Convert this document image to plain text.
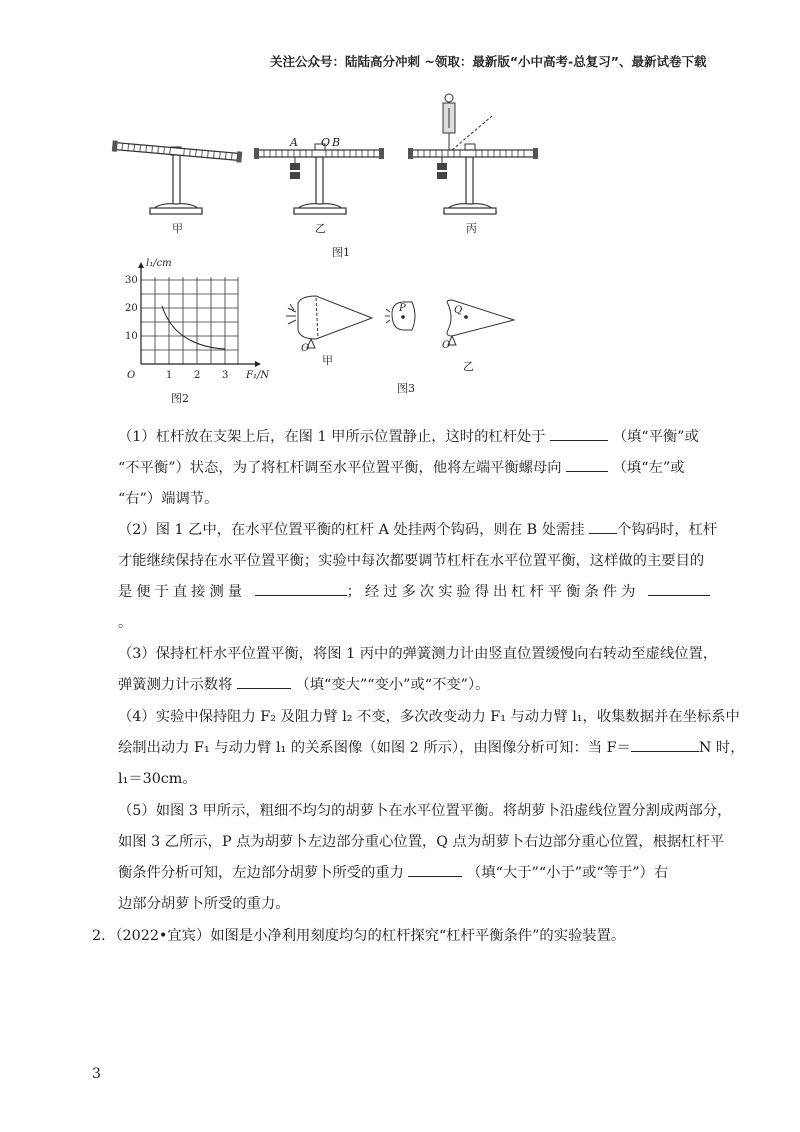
关注公众号：陆陆高分冲刺 ~领取：最新版“小中高考-总复习”、最新试卷下载
A O B
甲	乙	丙
图1
l₁/cm
F₁/N
O
10
20
30
1 2 3
图2
O
甲
P	Q
O
乙
图3
（1）杠杆放在支架上后，在图 1 甲所示位置静止，这时的杠杆处于	（填“平衡”或
“不平衡”）状态，为了将杠杆调至水平位置平衡，他将左端平衡螺母向	（填“左”或
“右”）端调节。
（2）图 1 乙中，在水平位置平衡的杠杆 A 处挂两个钩码，则在 B 处需挂 个钩码时，杠杆
才能继续保持在水平位置平衡；实验中每次都要调节杠杆在水平位置平衡，这样做的主要目的
是便于直接测量	；经过多次实验得出杠杆平衡条件为
。
（3）保持杠杆水平位置平衡，将图 1 丙中的弹簧测力计由竖直位置缓慢向右转动至虚线位置，
弹簧测力计示数将	（填“变大”“变小”或“不变”）。
（4）实验中保持阻力 F₂ 及阻力臂 l₂ 不变，多次改变动力 F₁ 与动力臂 l₁，收集数据并在坐标系中
绘制出动力 F₁ 与动力臂 l₁ 的关系图像（如图 2 所示），由图像分析可知：当 F＝	N 时，
l₁＝30cm。
（5）如图 3 甲所示，粗细不均匀的胡萝卜在水平位置平衡。将胡萝卜沿虚线位置分割成两部分，
如图 3 乙所示，P 点为胡萝卜左边部分重心位置，Q 点为胡萝卜右边部分重心位置，根据杠杆平
衡条件分析可知，左边部分胡萝卜所受的重力	（填“大于”“小于”或“等于”）右
边部分胡萝卜所受的重力。
2．（2022•宜宾）如图是小净利用刻度均匀的杠杆探究“杠杆平衡条件”的实验装置。
3
